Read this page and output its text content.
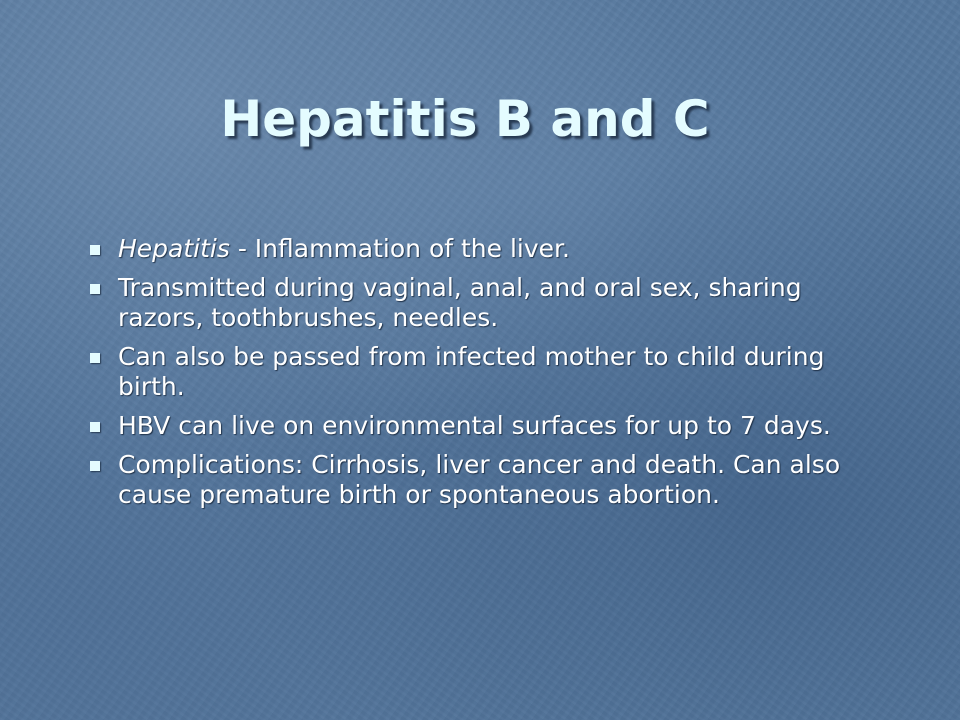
Hepatitis B and C
Hepatitis - Inflammation of the liver.
Transmitted during vaginal, anal, and oral sex, sharing razors, toothbrushes, needles.
Can also be passed from infected mother to child during birth.
HBV can live on environmental surfaces for up to 7 days.
Complications: Cirrhosis, liver cancer and death. Can also cause premature birth or spontaneous abortion.
